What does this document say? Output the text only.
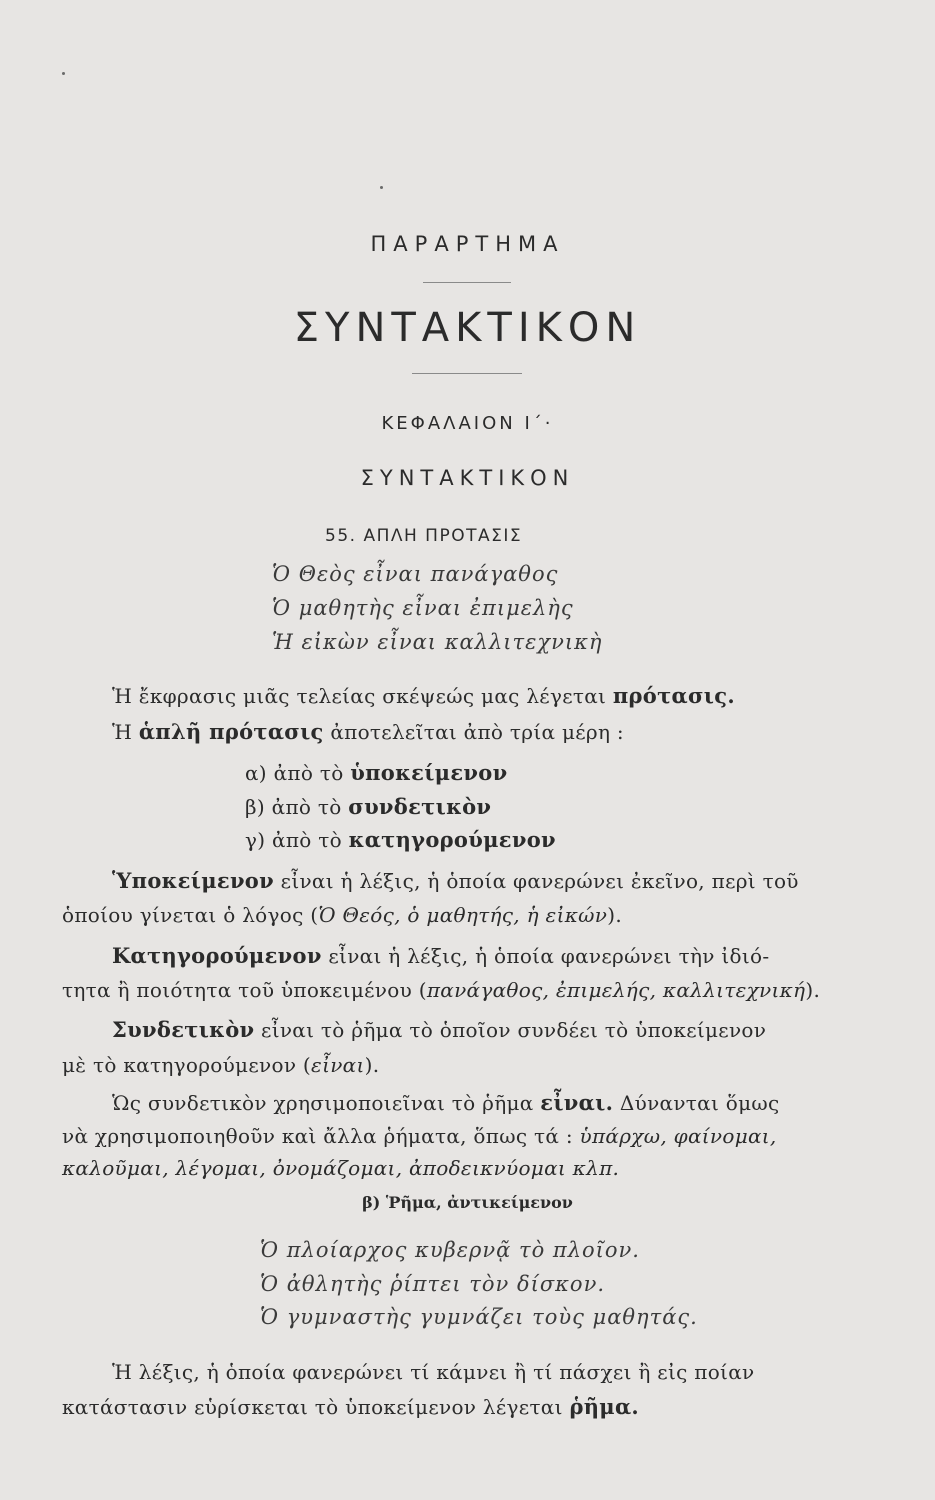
ΠΑΡΑΡΤΗΜΑ
ΣΥΝΤΑΚΤΙΚΟΝ
ΚΕΦΑΛΑΙΟΝ Ι΄·
ΣΥΝΤΑΚΤΙΚΟΝ
55. ΑΠΛΗ ΠΡΟΤΑΣΙΣ
Ὁ Θεὸς εἶναι πανάγαθος
Ὁ μαθητὴς εἶναι ἐπιμελὴς
Ἡ εἰκὼν εἶναι καλλιτεχνικὴ
Ἡ ἔκφρασις μιᾶς τελείας σκέψεώς μας λέγεται πρότασις.
Ἡ ἁπλῆ πρότασις ἀποτελεῖται ἀπὸ τρία μέρη :
α) ἀπὸ τὸ ὑποκείμενον
β) ἀπὸ τὸ συνδετικὸν
γ) ἀπὸ τὸ κατηγορούμενον
Ὑποκείμενον εἶναι ἡ λέξις, ἡ ὁποία φανερώνει ἐκεῖνο, περὶ τοῦ
ὁποίου γίνεται ὁ λόγος (Ὁ Θεός, ὁ μαθητής, ἡ εἰκών).
Κατηγορούμενον εἶναι ἡ λέξις, ἡ ὁποία φανερώνει τὴν ἰδιό-
τητα ἢ ποιότητα τοῦ ὑποκειμένου (πανάγαθος, ἐπιμελής, καλλιτεχνική).
Συνδετικὸν εἶναι τὸ ῥῆμα τὸ ὁποῖον συνδέει τὸ ὑποκείμενον
μὲ τὸ κατηγορούμενον (εἶναι).
Ὡς συνδετικὸν χρησιμοποιεῖναι τὸ ῥῆμα εἶναι. Δύνανται ὅμως
νὰ χρησιμοποιηθοῦν καὶ ἄλλα ῥήματα, ὅπως τά : ὑπάρχω, φαίνομαι,
καλοῦμαι, λέγομαι, ὀνομάζομαι, ἀποδεικνύομαι κλπ.
β) Ῥῆμα, ἀντικείμενον
Ὁ πλοίαρχος κυβερνᾷ τὸ πλοῖον.
Ὁ ἀθλητὴς ῥίπτει τὸν δίσκον.
Ὁ γυμναστὴς γυμνάζει τοὺς μαθητάς.
Ἡ λέξις, ἡ ὁποία φανερώνει τί κάμνει ἢ τί πάσχει ἢ εἰς ποίαν
κατάστασιν εὑρίσκεται τὸ ὑποκείμενον λέγεται ῥῆμα.
